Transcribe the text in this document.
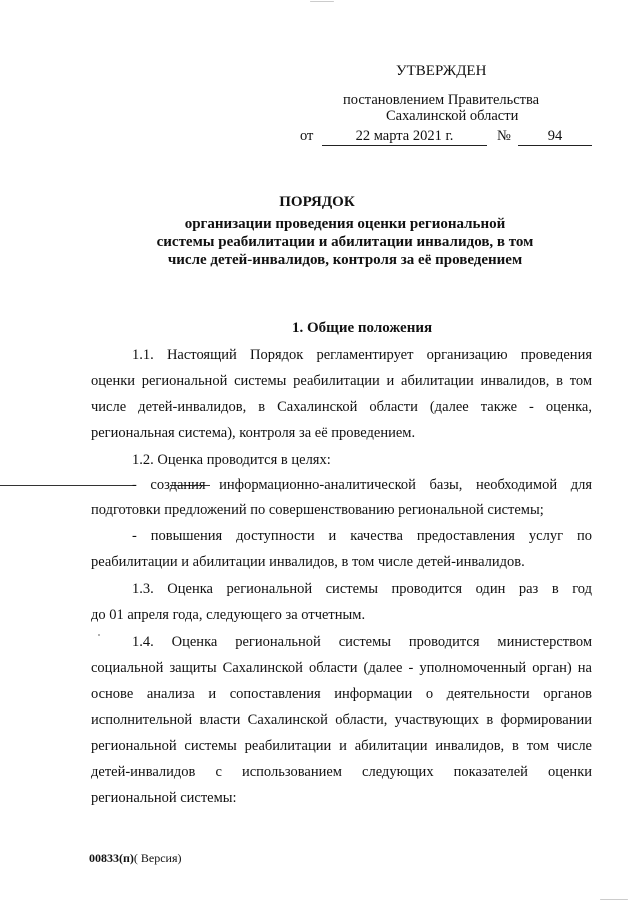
УТВЕРЖДЕН
постановлением Правительства
Сахалинской области
от	22 марта 2021 г.	№	94
ПОРЯДОК
организации проведения оценки региональной
системы реабилитации и абилитации инвалидов, в том
числе детей-инвалидов, контроля за её проведением
1. Общие положения
1.1. Настоящий Порядок регламентирует организацию проведения
оценки региональной системы реабилитации и абилитации инвалидов, в том
числе детей-инвалидов, в Сахалинской области (далее также - оценка,
региональная система), контроля за её проведением.
1.2. Оценка проводится в целях:
- создания информационно-аналитической базы, необходимой для
подготовки предложений по совершенствованию региональной системы;
- повышения доступности и качества предоставления услуг по
реабилитации и абилитации инвалидов, в том числе детей-инвалидов.
1.3. Оценка региональной системы проводится один раз в год
до 01 апреля года, следующего за отчетным.
1.4. Оценка региональной системы проводится министерством
социальной защиты Сахалинской области (далее - уполномоченный орган) на
основе анализа и сопоставления информации о деятельности органов
исполнительной власти Сахалинской области, участвующих в формировании
региональной системы реабилитации и абилитации инвалидов, в том числе
детей-инвалидов с использованием следующих показателей оценки
региональной системы:
00833(п)( Версия)
